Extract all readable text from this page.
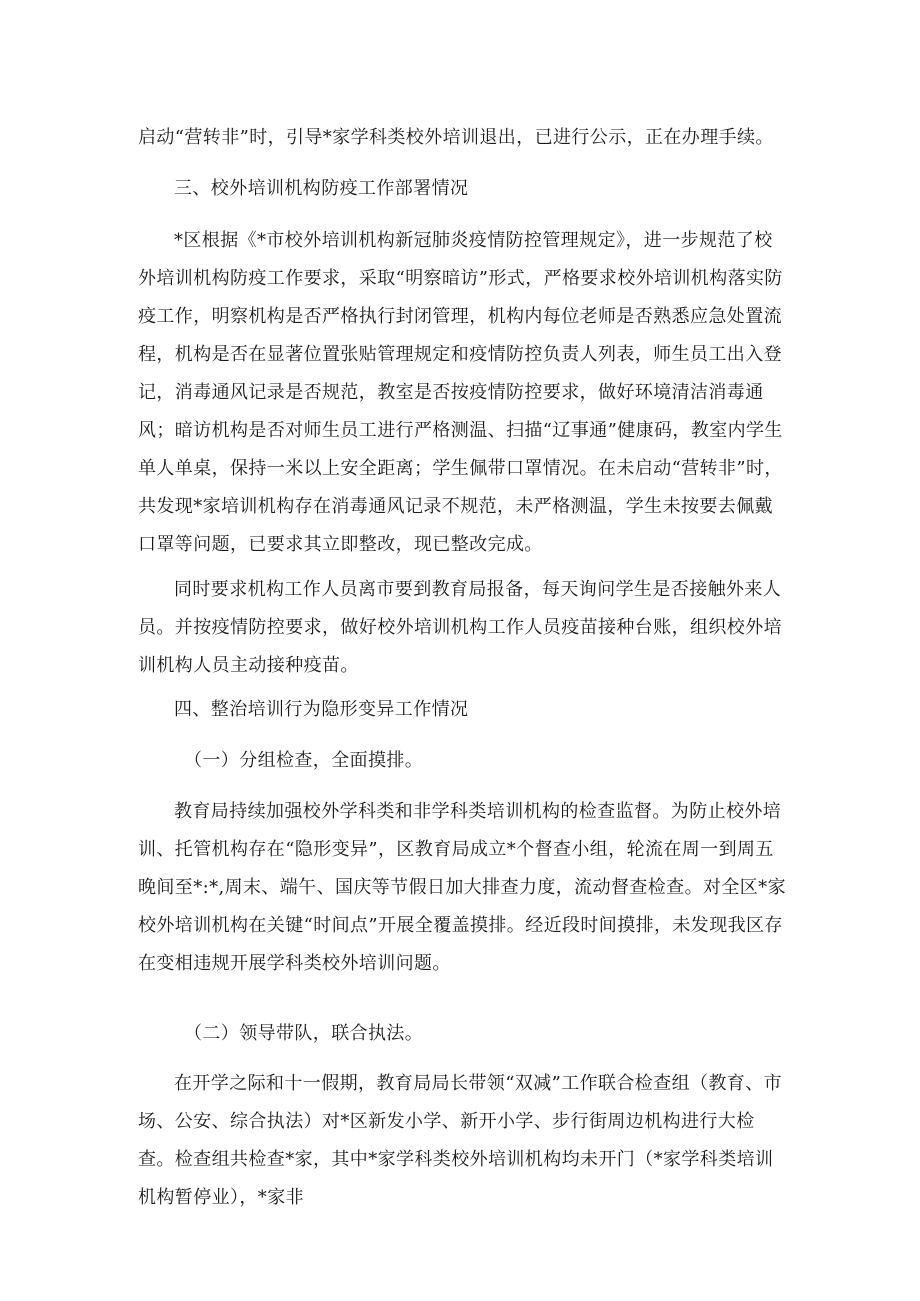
启动“营转非”时，引导*家学科类校外培训退出，已进行公示，正在办理手续。

三、校外培训机构防疫工作部署情况

*区根据《*市校外培训机构新冠肺炎疫情防控管理规定》，进一步规范了校外培训机构防疫工作要求，采取“明察暗访”形式，严格要求校外培训机构落实防疫工作，明察机构是否严格执行封闭管理，机构内每位老师是否熟悉应急处置流程，机构是否在显著位置张贴管理规定和疫情防控负责人列表，师生员工出入登记，消毒通风记录是否规范，教室是否按疫情防控要求，做好环境清洁消毒通风；暗访机构是否对师生员工进行严格测温、扫描“辽事通”健康码，教室内学生单人单桌，保持一米以上安全距离；学生佩带口罩情况。在未启动“营转非”时，共发现*家培训机构存在消毒通风记录不规范，未严格测温，学生未按要去佩戴口罩等问题，已要求其立即整改，现已整改完成。

同时要求机构工作人员离市要到教育局报备，每天询问学生是否接触外来人员。并按疫情防控要求，做好校外培训机构工作人员疫苗接种台账，组织校外培训机构人员主动接种疫苗。

四、整治培训行为隐形变异工作情况

（一）分组检查，全面摸排。

教育局持续加强校外学科类和非学科类培训机构的检查监督。为防止校外培训、托管机构存在“隐形变异”，区教育局成立*个督查小组，轮流在周一到周五晚间至*:*,周末、端午、国庆等节假日加大排查力度，流动督查检查。对全区*家校外培训机构在关键“时间点”开展全覆盖摸排。经近段时间摸排，未发现我区存在变相违规开展学科类校外培训问题。

（二）领导带队，联合执法。

在开学之际和十一假期，教育局局长带领“双减”工作联合检查组（教育、市场、公安、综合执法）对*区新发小学、新开小学、步行街周边机构进行大检查。检查组共检查*家，其中*家学科类校外培训机构均未开门（*家学科类培训机构暂停业），*家非
